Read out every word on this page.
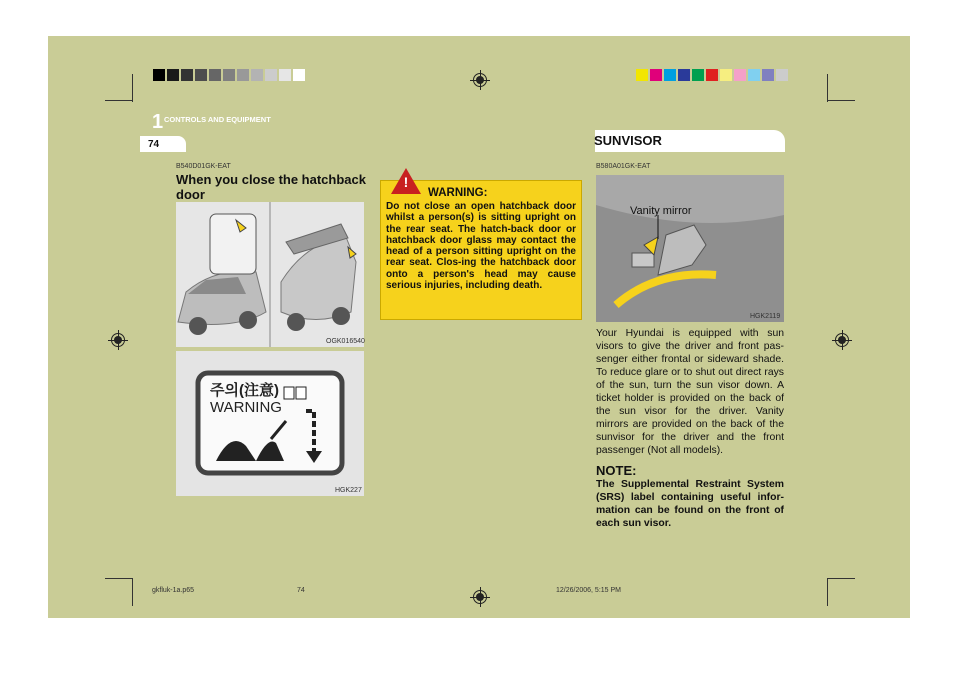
1 CONTROLS AND EQUIPMENT
74
B540D01GK-EAT
When you close the hatchback door
OGK016540
주의(注意)
WARNING
HGK227
WARNING:
Do not close an open hatchback door whilst a person(s) is sitting upright on the rear seat. The hatch-back door or hatchback door glass may contact the head of a person sitting upright on the rear seat. Clos-ing the hatchback door onto a person's head may cause serious injuries, including death.
!
SUNVISOR
B580A01GK-EAT
Vanity mirror
HGK2119
Your Hyundai is equipped with sun visors to give the driver and front pas-senger either frontal or sideward shade. To reduce glare or to shut out direct rays of the sun, turn the sun visor down. A ticket holder is provided on the back of the sun visor for the driver. Vanity mirrors are provided on the back of the sunvisor for the driver and the front passenger (Not all models).
NOTE:
The Supplemental Restraint System (SRS) label containing useful infor-mation can be found on the front of each sun visor.
gkfluk-1a.p65	74	12/26/2006, 5:15 PM
